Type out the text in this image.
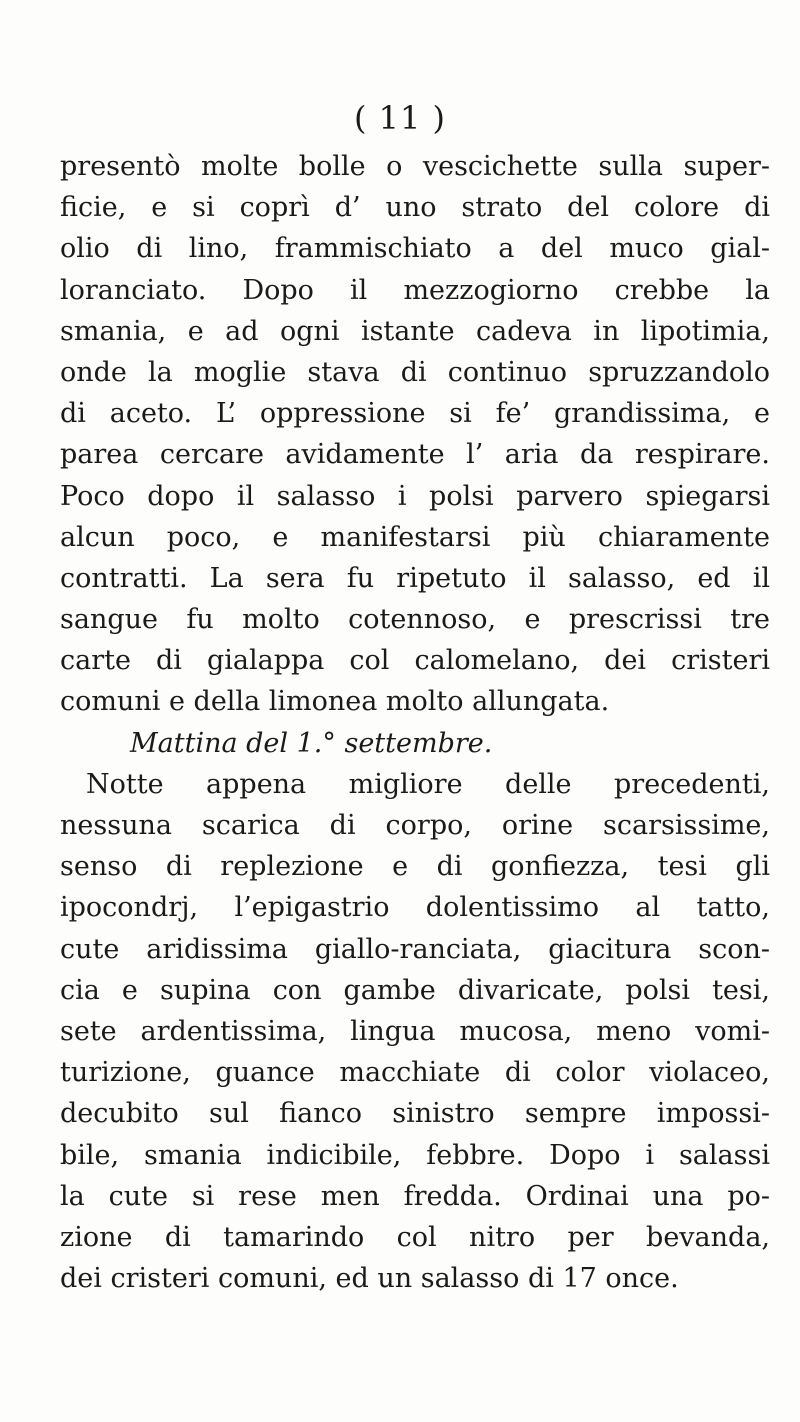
( 11 )
presentò molte bolle o vescichette sulla super-
ficie, e si coprì d’ uno strato del colore di
olio di lino, frammischiato a del muco gial-
loranciato. Dopo il mezzogiorno crebbe la
smania, e ad ogni istante cadeva in lipotimia,
onde la moglie stava di continuo spruzzandolo
di aceto. L’ oppressione si fe’ grandissima, e
parea cercare avidamente l’ aria da respirare.
Poco dopo il salasso i polsi parvero spiegarsi
alcun poco, e manifestarsi più chiaramente
contratti. La sera fu ripetuto il salasso, ed il
sangue fu molto cotennoso, e prescrissi tre
carte di gialappa col calomelano, dei cristeri
comuni e della limonea molto allungata.
Mattina del 1.° settembre.
Notte appena migliore delle precedenti,
nessuna scarica di corpo, orine scarsissime,
senso di replezione e di gonfiezza, tesi gli
ipocondrj, l’epigastrio dolentissimo al tatto,
cute aridissima giallo-ranciata, giacitura scon-
cia e supina con gambe divaricate, polsi tesi,
sete ardentissima, lingua mucosa, meno vomi-
turizione, guance macchiate di color violaceo,
decubito sul fianco sinistro sempre impossi-
bile, smania indicibile, febbre. Dopo i salassi
la cute si rese men fredda. Ordinai una po-
zione di tamarindo col nitro per bevanda,
dei cristeri comuni, ed un salasso di 17 once.
